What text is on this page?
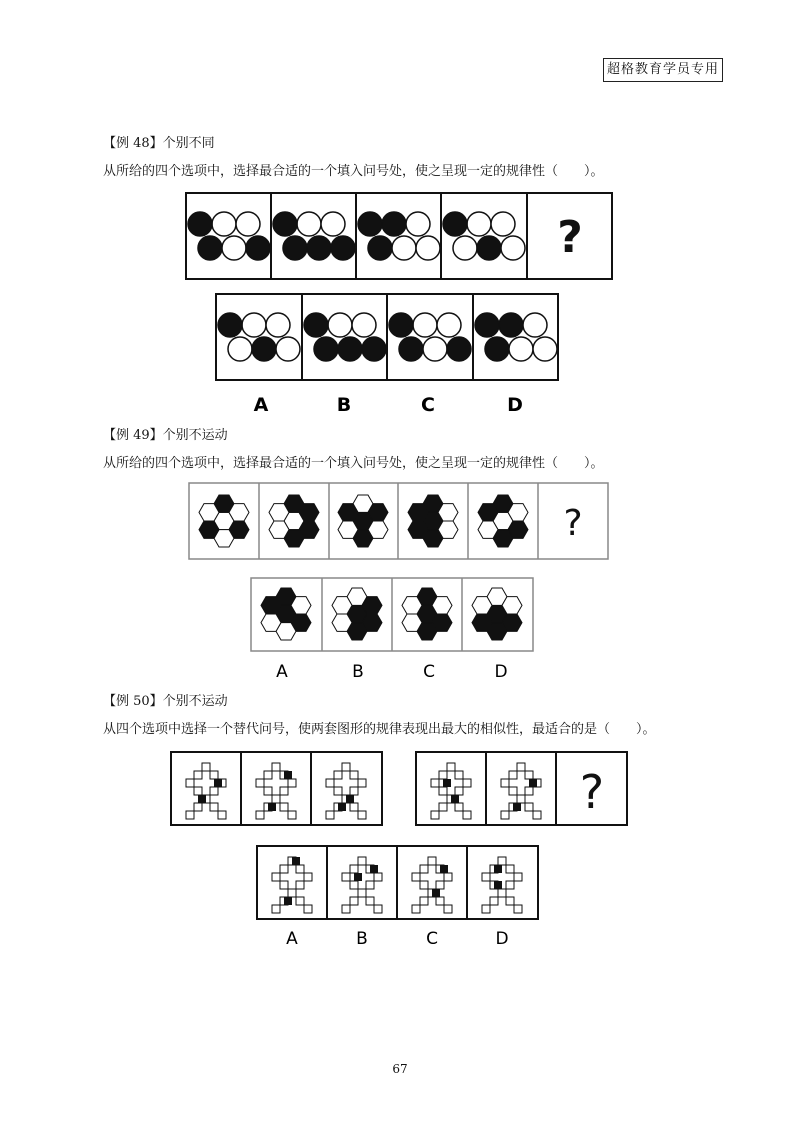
超格教育学员专用
【例 48】个别不同
从所给的四个选项中，选择最合适的一个填入问号处，使之呈现一定的规律性（　　）。
【例 49】个别不运动
从所给的四个选项中，选择最合适的一个填入问号处，使之呈现一定的规律性（　　）。
【例 50】个别不运动
从四个选项中选择一个替代问号，使两套图形的规律表现出最大的相似性，最适合的是（　　）。
?
A	B	C	D
?
A	B	C	D
?
A	B	C	D
67
